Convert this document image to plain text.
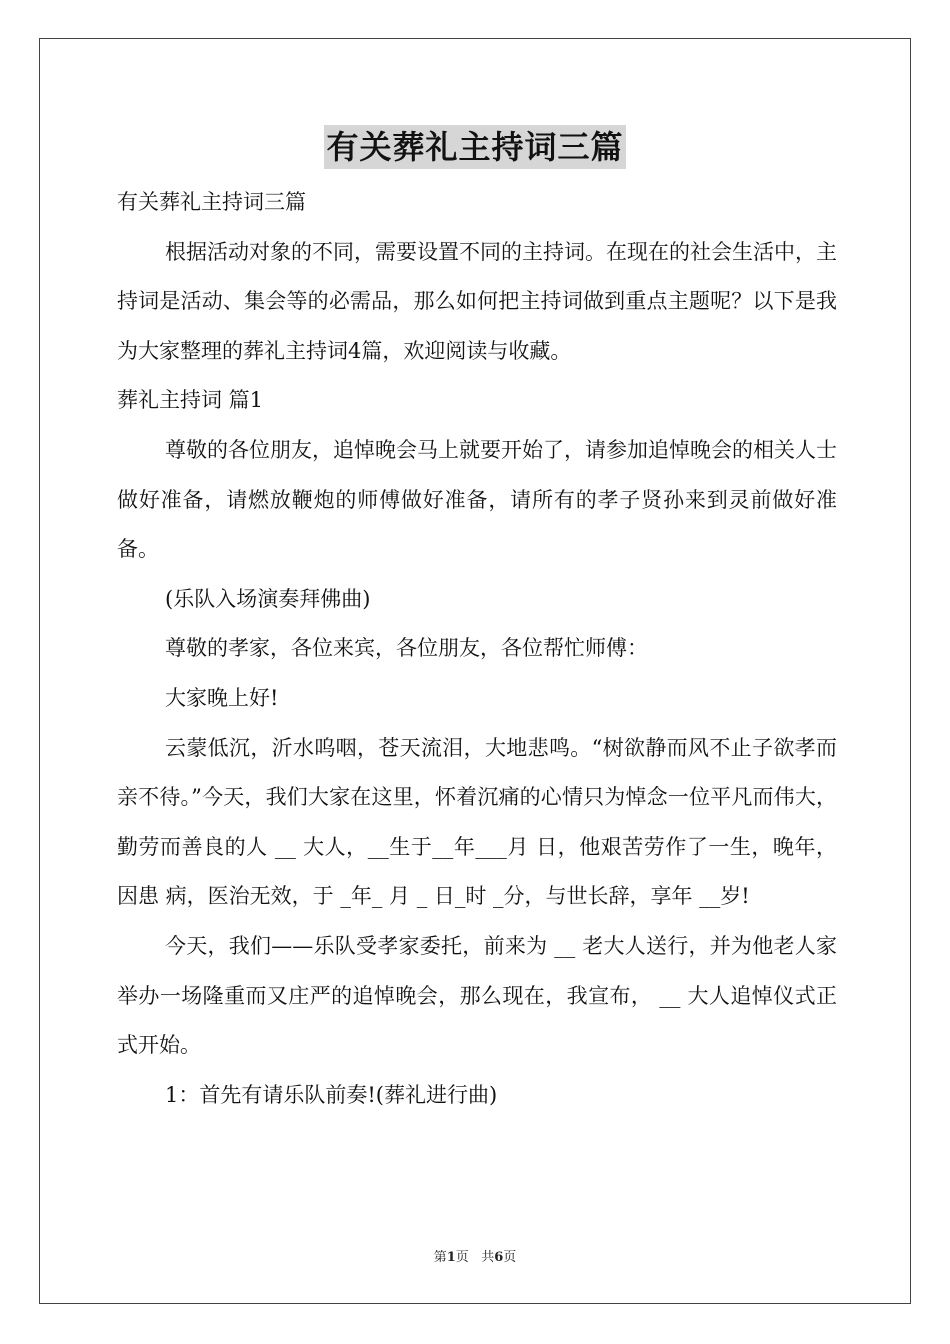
有关葬礼主持词三篇

有关葬礼主持词三篇

根据活动对象的不同，需要设置不同的主持词。在现在的社会生活中，主持词是活动、集会等的必需品，那么如何把主持词做到重点主题呢？以下是我为大家整理的葬礼主持词4篇，欢迎阅读与收藏。

葬礼主持词 篇1

尊敬的各位朋友，追悼晚会马上就要开始了，请参加追悼晚会的相关人士做好准备，请燃放鞭炮的师傅做好准备，请所有的孝子贤孙来到灵前做好准备。

(乐队入场演奏拜佛曲)

尊敬的孝家，各位来宾，各位朋友，各位帮忙师傅：

大家晚上好!

云蒙低沉，沂水呜咽，苍天流泪，大地悲鸣。“树欲静而风不止子欲孝而亲不待。”今天，我们大家在这里，怀着沉痛的心情只为悼念一位平凡而伟大，勤劳而善良的人 __ 大人，__生于__年___月 日，他艰苦劳作了一生，晚年，因患 病，医治无效，于 _年_ 月 _ 日_时 _分，与世长辞，享年 __岁!

今天，我们——乐队受孝家委托，前来为 __ 老大人送行，并为他老人家举办一场隆重而又庄严的追悼晚会，那么现在，我宣布， __ 大人追悼仪式正式开始。

1：首先有请乐队前奏!(葬礼进行曲)

第1页 共6页
